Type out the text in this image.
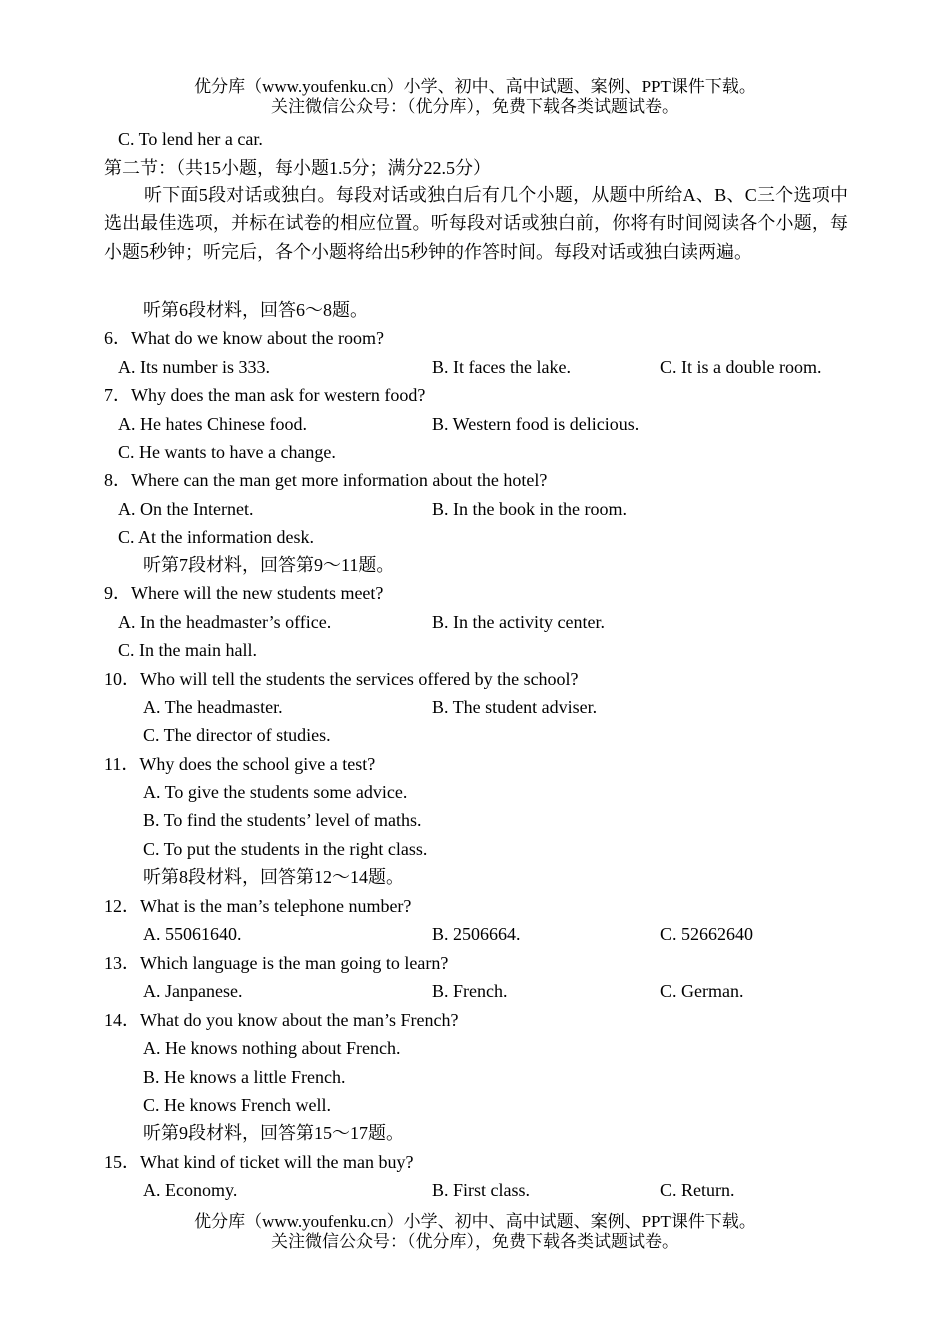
优分库（www.youfenku.cn）小学、初中、高中试题、案例、PPT课件下载。
关注微信公众号：（优分库），免费下载各类试题试卷。
C. To lend her a car.
第二节：（共15小题，每小题1.5分；满分22.5分）
听下面5段对话或独白。每段对话或独白后有几个小题，从题中所给A、B、C三个选项中选出最佳选项，并标在试卷的相应位置。听每段对话或独白前，你将有时间阅读各个小题，每小题5秒钟；听完后，各个小题将给出5秒钟的作答时间。每段对话或独白读两遍。
听第6段材料，回答6～8题。
6．What do we know about the room?
A. Its number is 333.	B. It faces the lake.	C. It is a double room.
7．Why does the man ask for western food?
A. He hates Chinese food.	B. Western food is delicious.
C. He wants to have a change.
8．Where can the man get more information about the hotel?
A. On the Internet.	B. In the book in the room.
C. At the information desk.
听第7段材料，回答第9～11题。
9．Where will the new students meet?
A. In the headmaster’s office.	B. In the activity center.
C. In the main hall.
10．Who will tell the students the services offered by the school?
A. The headmaster.	B. The student adviser.
C. The director of studies.
11．Why does the school give a test?
A. To give the students some advice.
B. To find the students’ level of maths.
C. To put the students in the right class.
听第8段材料，回答第12～14题。
12．What is the man’s telephone number?
A. 55061640.	B. 2506664.	C. 52662640
13．Which language is the man going to learn?
A. Janpanese.	B. French.	C. German.
14．What do you know about the man’s French?
A. He knows nothing about French.
B. He knows a little French.
C. He knows French well.
听第9段材料，回答第15～17题。
15．What kind of ticket will the man buy?
A. Economy.	B. First class.	C. Return.
优分库（www.youfenku.cn）小学、初中、高中试题、案例、PPT课件下载。
关注微信公众号：（优分库），免费下载各类试题试卷。
